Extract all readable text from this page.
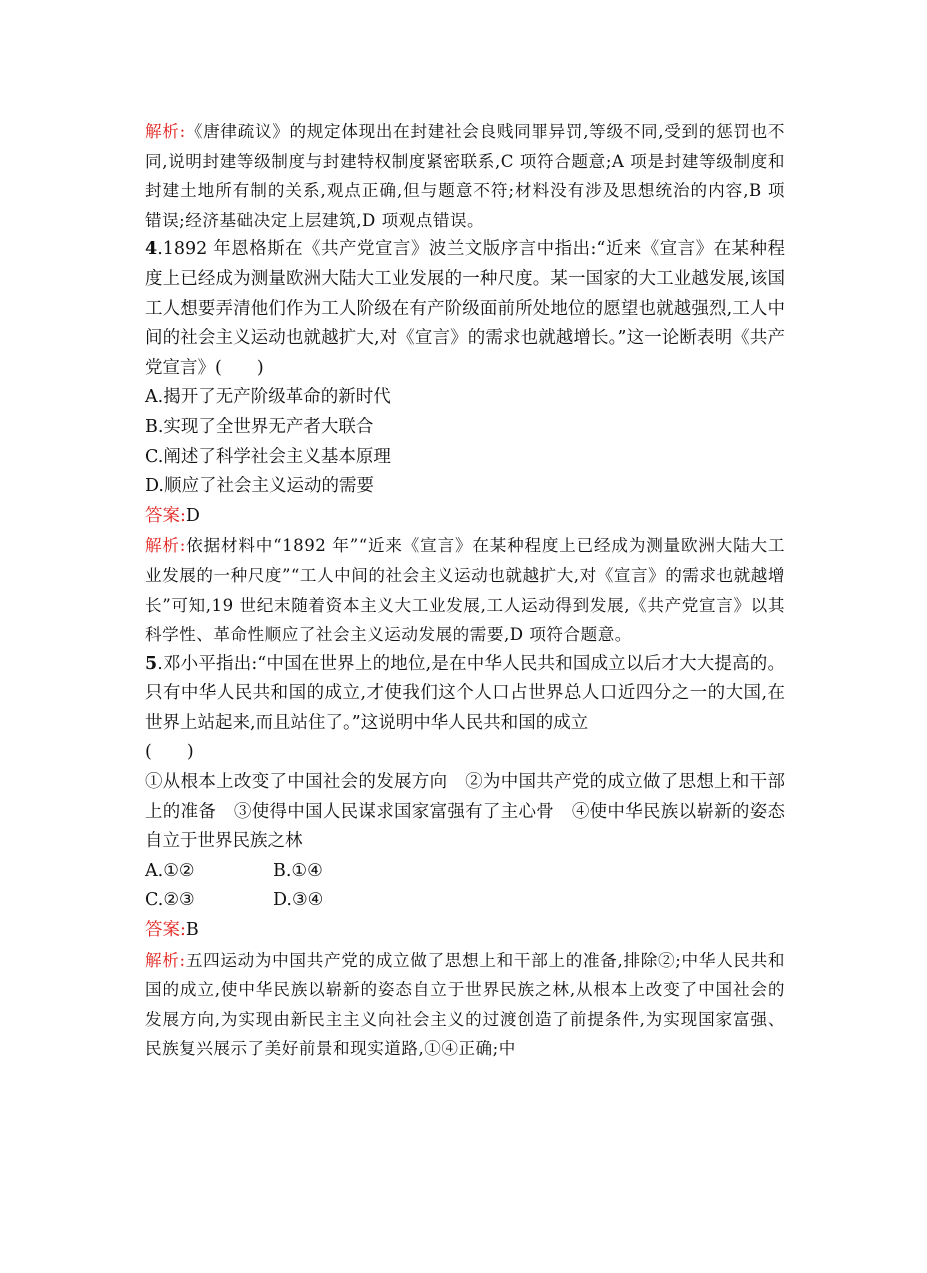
解析:《唐律疏议》的规定体现出在封建社会良贱同罪异罚,等级不同,受到的惩罚也不同,说明封建等级制度与封建特权制度紧密联系,C 项符合题意;A 项是封建等级制度和封建土地所有制的关系,观点正确,但与题意不符;材料没有涉及思想统治的内容,B 项错误;经济基础决定上层建筑,D 项观点错误。

4.1892 年恩格斯在《共产党宣言》波兰文版序言中指出:“近来《宣言》在某种程度上已经成为测量欧洲大陆大工业发展的一种尺度。某一国家的大工业越发展,该国工人想要弄清他们作为工人阶级在有产阶级面前所处地位的愿望也就越强烈,工人中间的社会主义运动也就越扩大,对《宣言》的需求也就越增长。”这一论断表明《共产党宣言》(　　)

A.揭开了无产阶级革命的新时代

B.实现了全世界无产者大联合

C.阐述了科学社会主义基本原理

D.顺应了社会主义运动的需要

答案:D

解析:依据材料中“1892 年”“近来《宣言》在某种程度上已经成为测量欧洲大陆大工业发展的一种尺度”“工人中间的社会主义运动也就越扩大,对《宣言》的需求也就越增长”可知,19 世纪末随着资本主义大工业发展,工人运动得到发展,《共产党宣言》以其科学性、革命性顺应了社会主义运动发展的需要,D 项符合题意。

5.邓小平指出:“中国在世界上的地位,是在中华人民共和国成立以后才大大提高的。只有中华人民共和国的成立,才使我们这个人口占世界总人口近四分之一的大国,在世界上站起来,而且站住了。”这说明中华人民共和国的成立

(　　)

①从根本上改变了中国社会的发展方向　②为中国共产党的成立做了思想上和干部上的准备　③使得中国人民谋求国家富强有了主心骨　④使中华民族以崭新的姿态自立于世界民族之林

A.①②	B.①④

C.②③	D.③④

答案:B

解析:五四运动为中国共产党的成立做了思想上和干部上的准备,排除②;中华人民共和国的成立,使中华民族以崭新的姿态自立于世界民族之林,从根本上改变了中国社会的发展方向,为实现由新民主主义向社会主义的过渡创造了前提条件,为实现国家富强、民族复兴展示了美好前景和现实道路,①④正确;中
